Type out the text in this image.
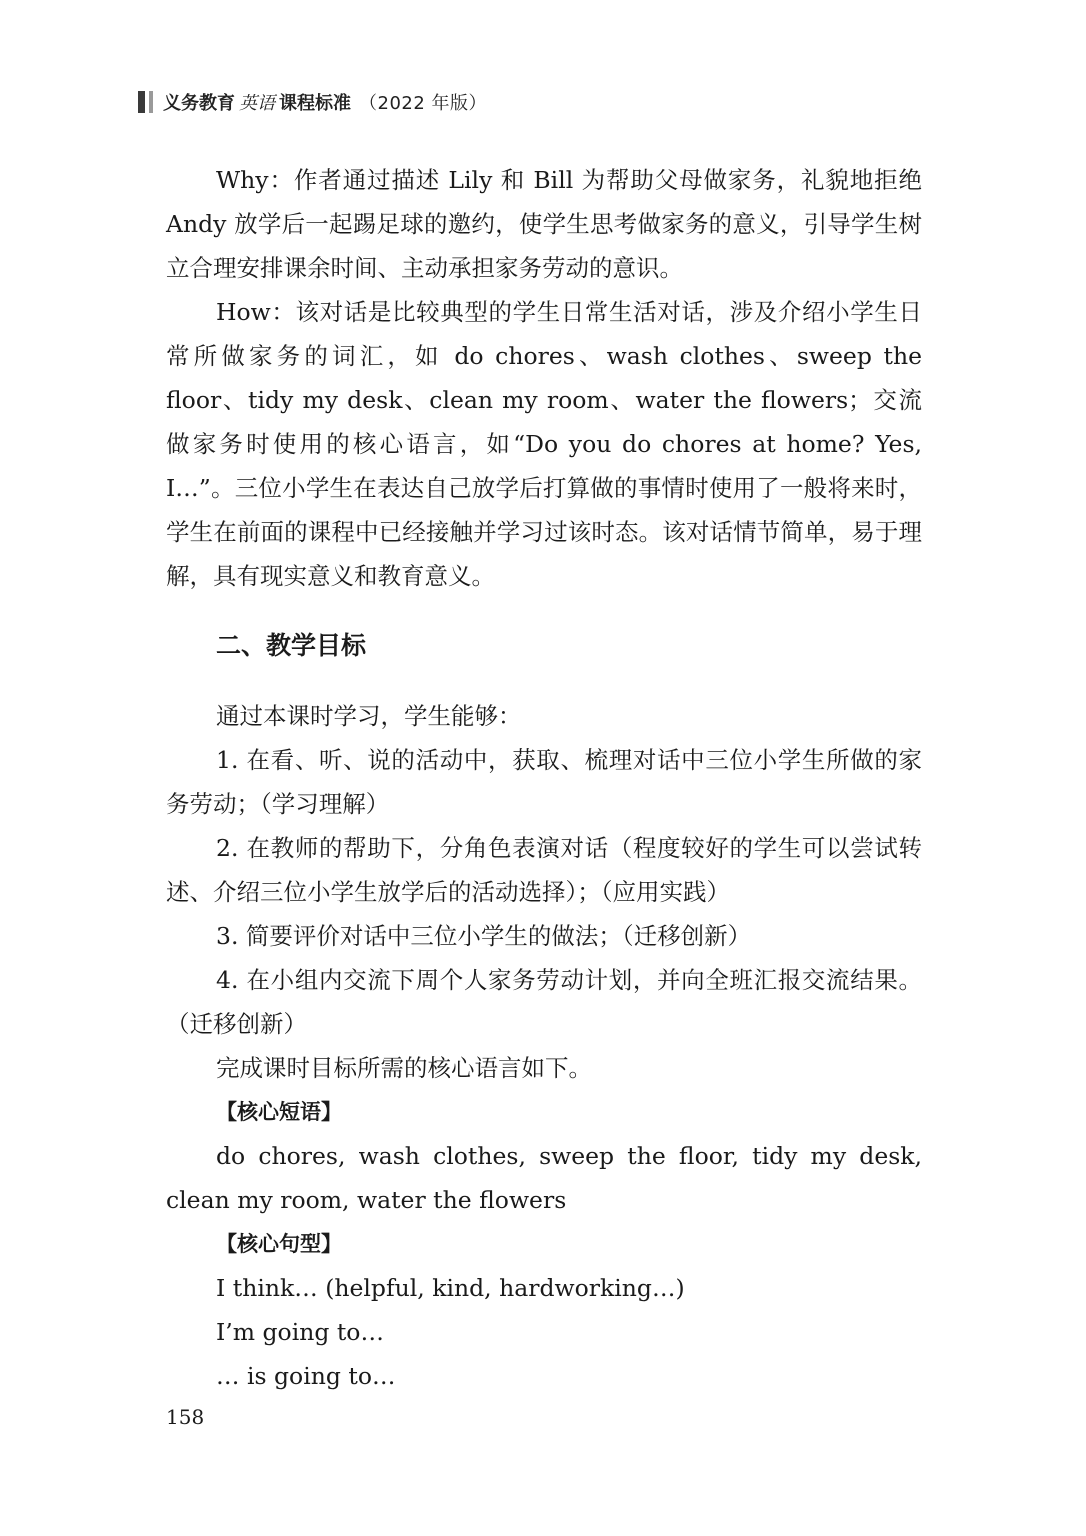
义务教育 英语 课程标准 （2022 年版）

Why：作者通过描述 Lily 和 Bill 为帮助父母做家务，礼貌地拒绝 Andy 放学后一起踢足球的邀约，使学生思考做家务的意义，引导学生树立合理安排课余时间、主动承担家务劳动的意识。

How：该对话是比较典型的学生日常生活对话，涉及介绍小学生日常所做家务的词汇，如 do chores、wash clothes、sweep the floor、tidy my desk、clean my room、water the flowers；交流做家务时使用的核心语言，如“Do you do chores at home? Yes, I…”。三位小学生在表达自己放学后打算做的事情时使用了一般将来时，学生在前面的课程中已经接触并学习过该时态。该对话情节简单，易于理解，具有现实意义和教育意义。

二、教学目标

通过本课时学习，学生能够：

1. 在看、听、说的活动中，获取、梳理对话中三位小学生所做的家务劳动；（学习理解）

2. 在教师的帮助下，分角色表演对话（程度较好的学生可以尝试转述、介绍三位小学生放学后的活动选择）；（应用实践）

3. 简要评价对话中三位小学生的做法；（迁移创新）

4. 在小组内交流下周个人家务劳动计划，并向全班汇报交流结果。（迁移创新）

完成课时目标所需的核心语言如下。

【核心短语】

do chores, wash clothes, sweep the floor, tidy my desk, clean my room, water the flowers

【核心句型】
I think… (helpful, kind, hardworking…)
I’m going to…
… is going to…
158
